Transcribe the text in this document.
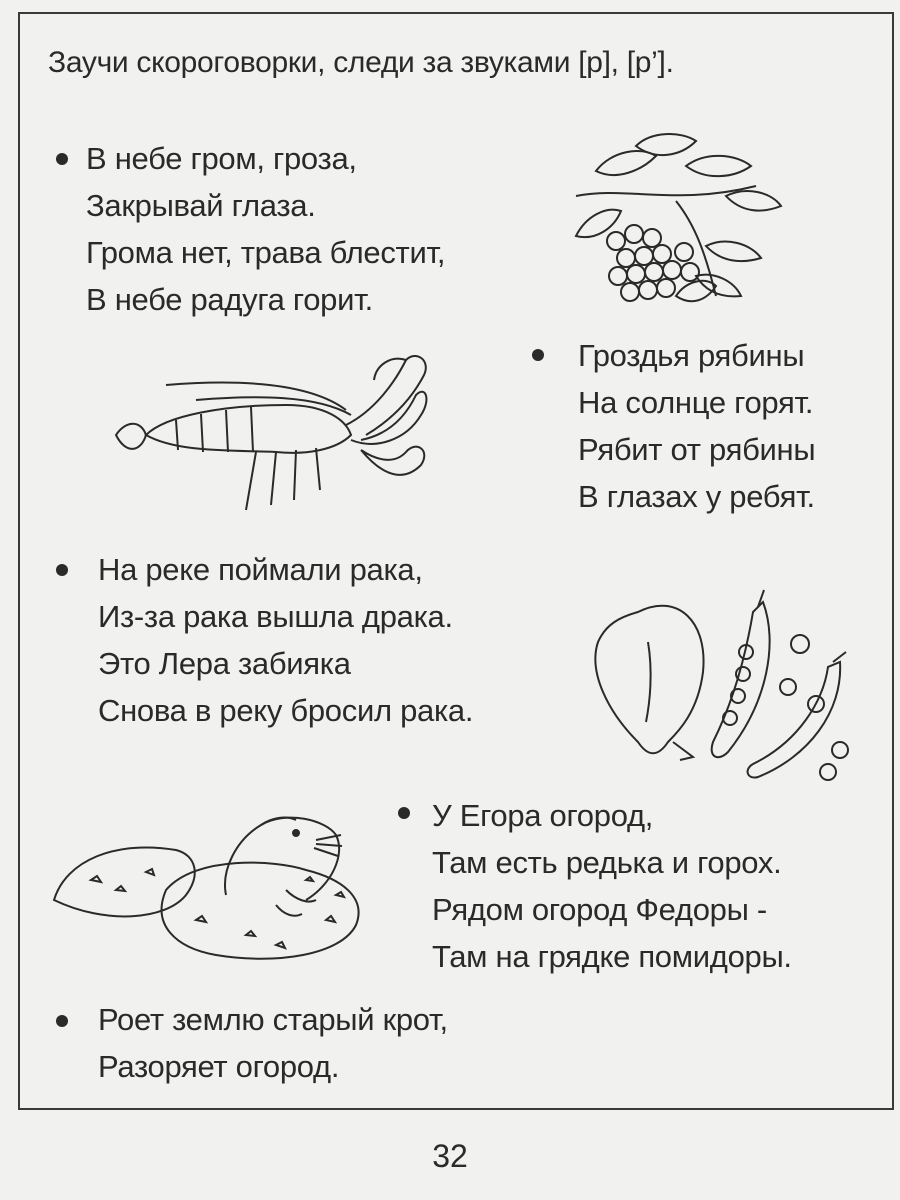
Заучи скороговорки, следи за звуками [р], [р’].
В небе гром, гроза,
Закрывай глаза.
Грома нет, трава блестит,
В небе радуга горит.
Гроздья рябины
На солнце горят.
Рябит от рябины
В глазах у ребят.
На реке поймали рака,
Из-за рака вышла драка.
Это Лера забияка
Снова в реку бросил рака.
У Егора огород,
Там есть редька и горох.
Рядом огород Федоры -
Там на грядке помидоры.
Роет землю старый крот,
Разоряет огород.
32
